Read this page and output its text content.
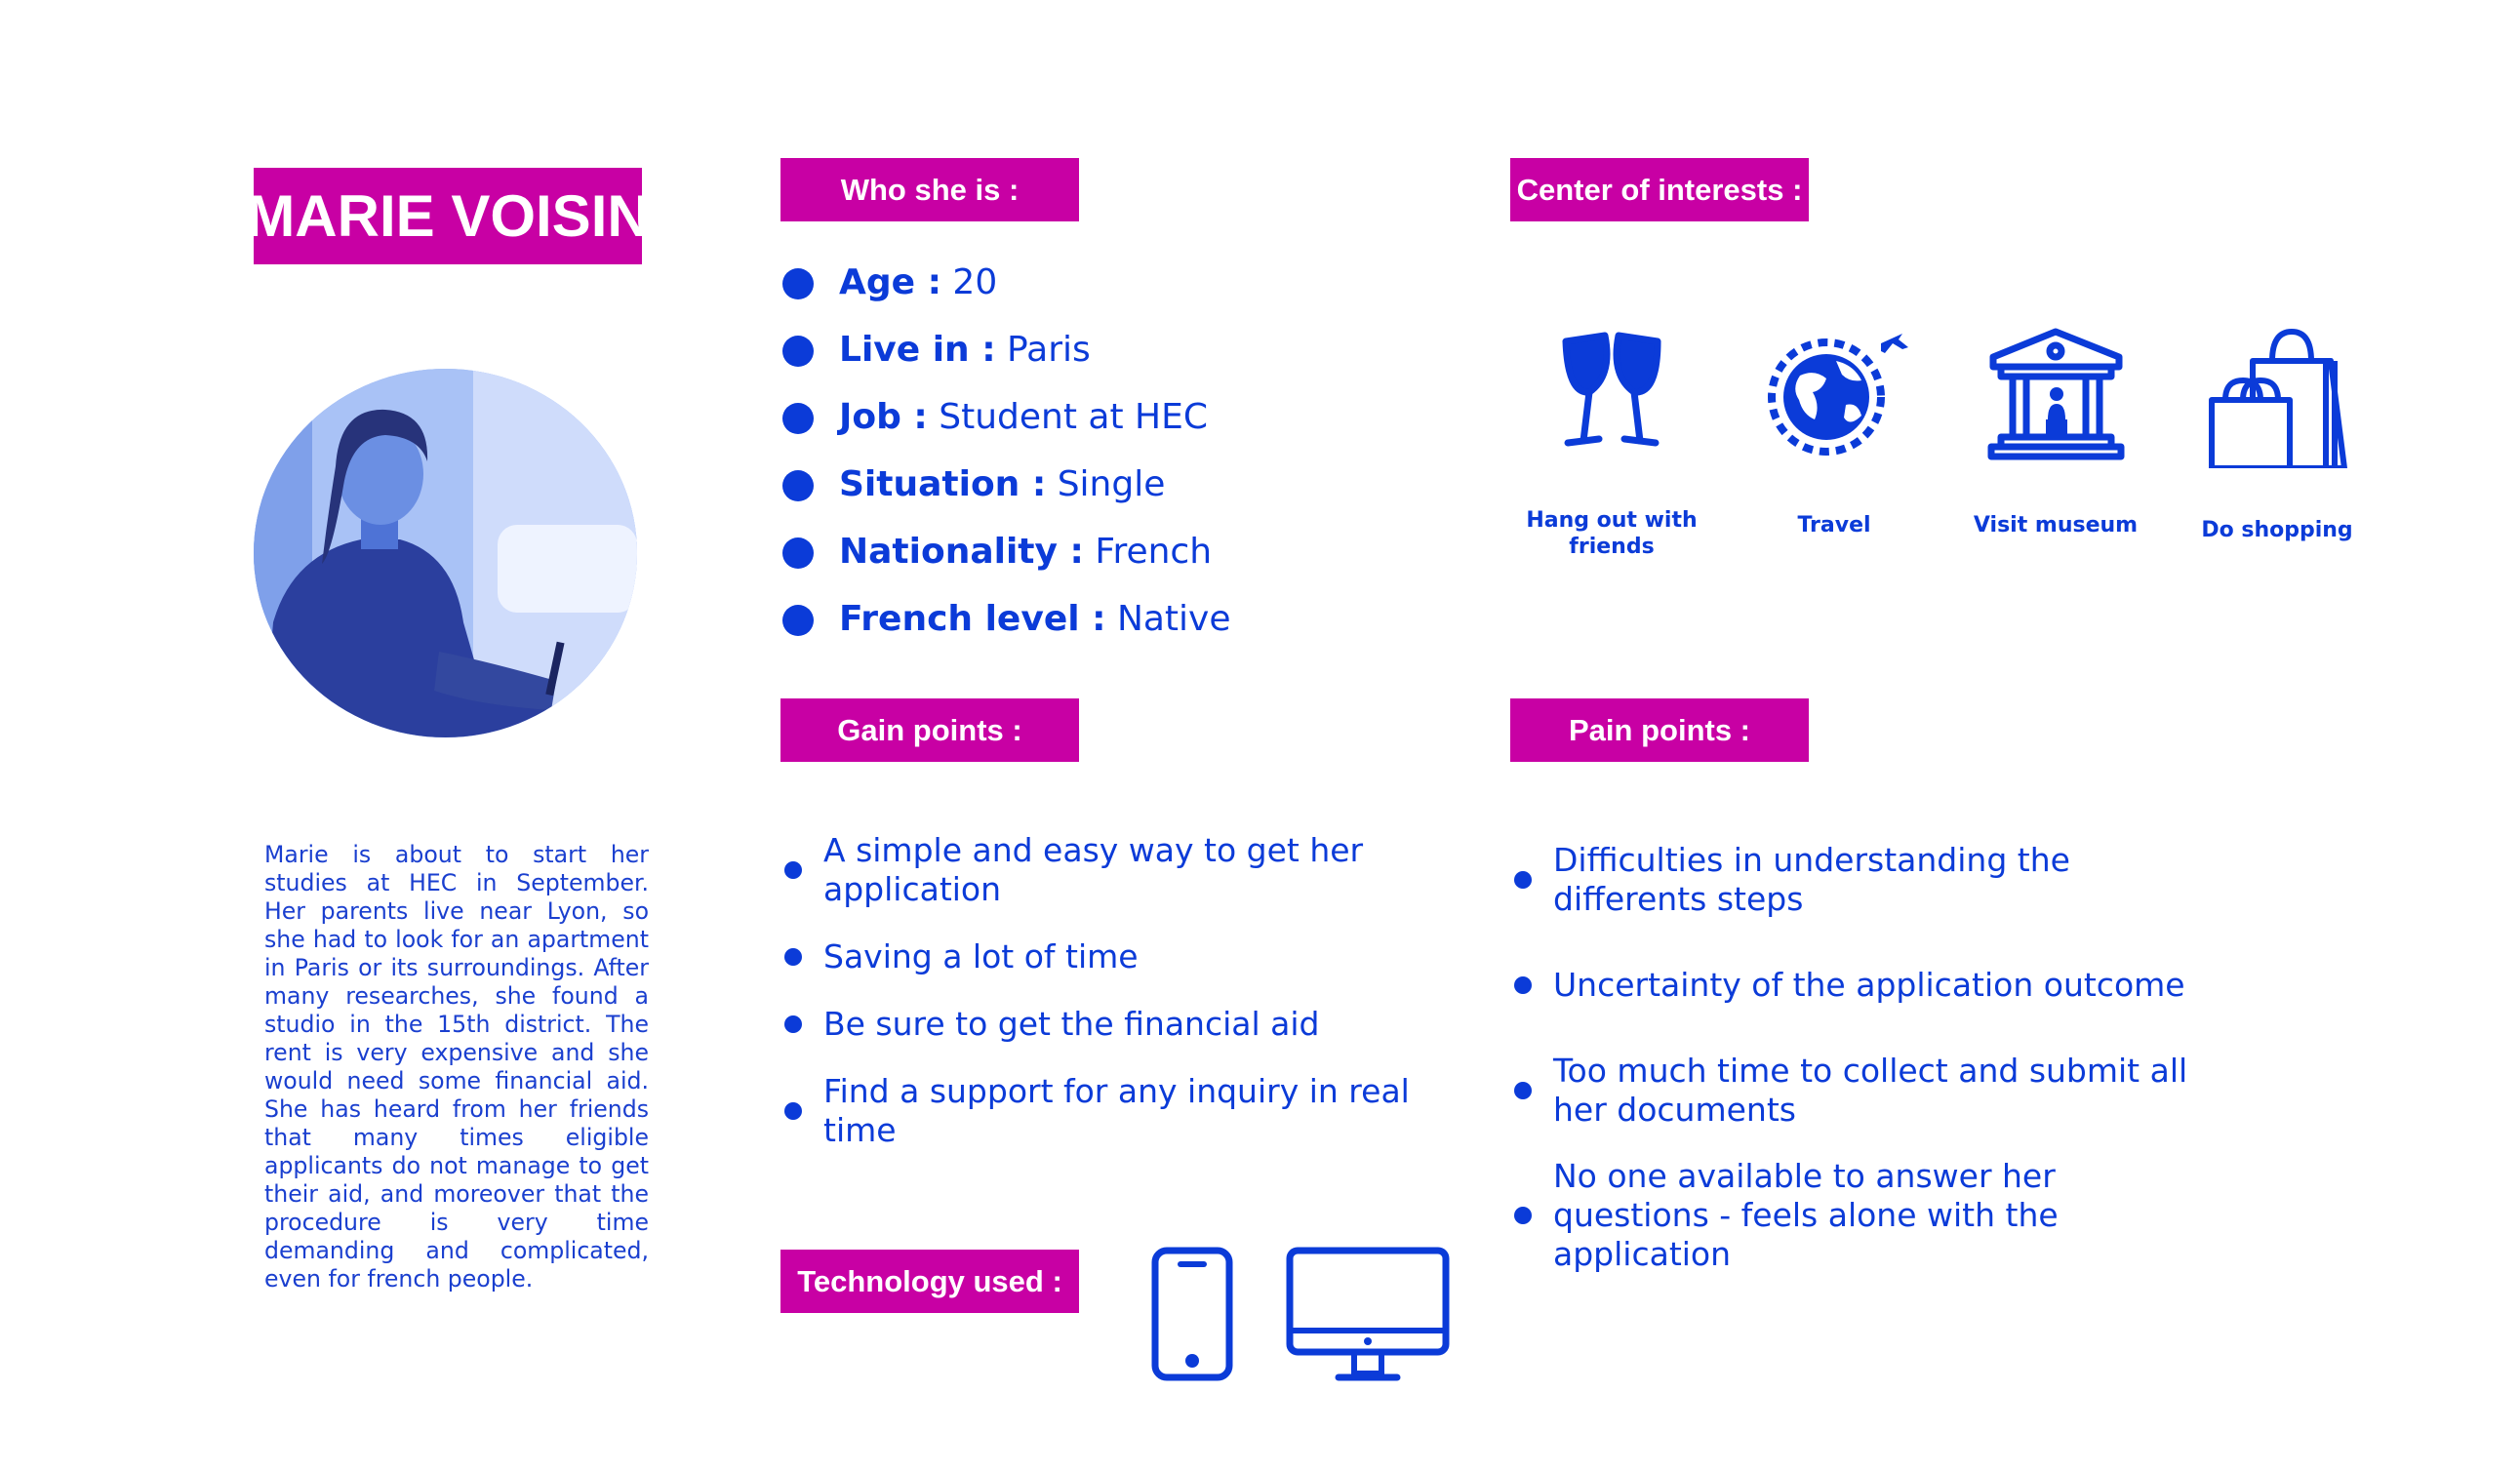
MARIE VOISIN
Marie is about to start her studies at HEC in September. Her parents live near Lyon, so she had to look for an apartment in Paris or its surroundings. After many researches, she found a studio in the 15th district. The rent is very expensive and she would need some financial aid. She has heard from her friends that many times eligible applicants do not manage to get their aid, and moreover that the procedure is very time demanding and complicated, even for french people.
Who she is :
Age : 20
Live in : Paris
Job : Student at HEC
Situation : Single
Nationality : French
French level : Native
Center of interests :
Hang out with friends
Travel	Visit museum	Do shopping
Gain points :
A simple and easy way to get her application
Saving a lot of time
Be sure to get the financial aid
Find a support for any inquiry in real time
Pain points :
Difficulties in understanding the differents steps
Uncertainty of the application outcome
Too much time to collect and submit all her documents
No one available to answer her questions - feels alone with the application
Technology used :
